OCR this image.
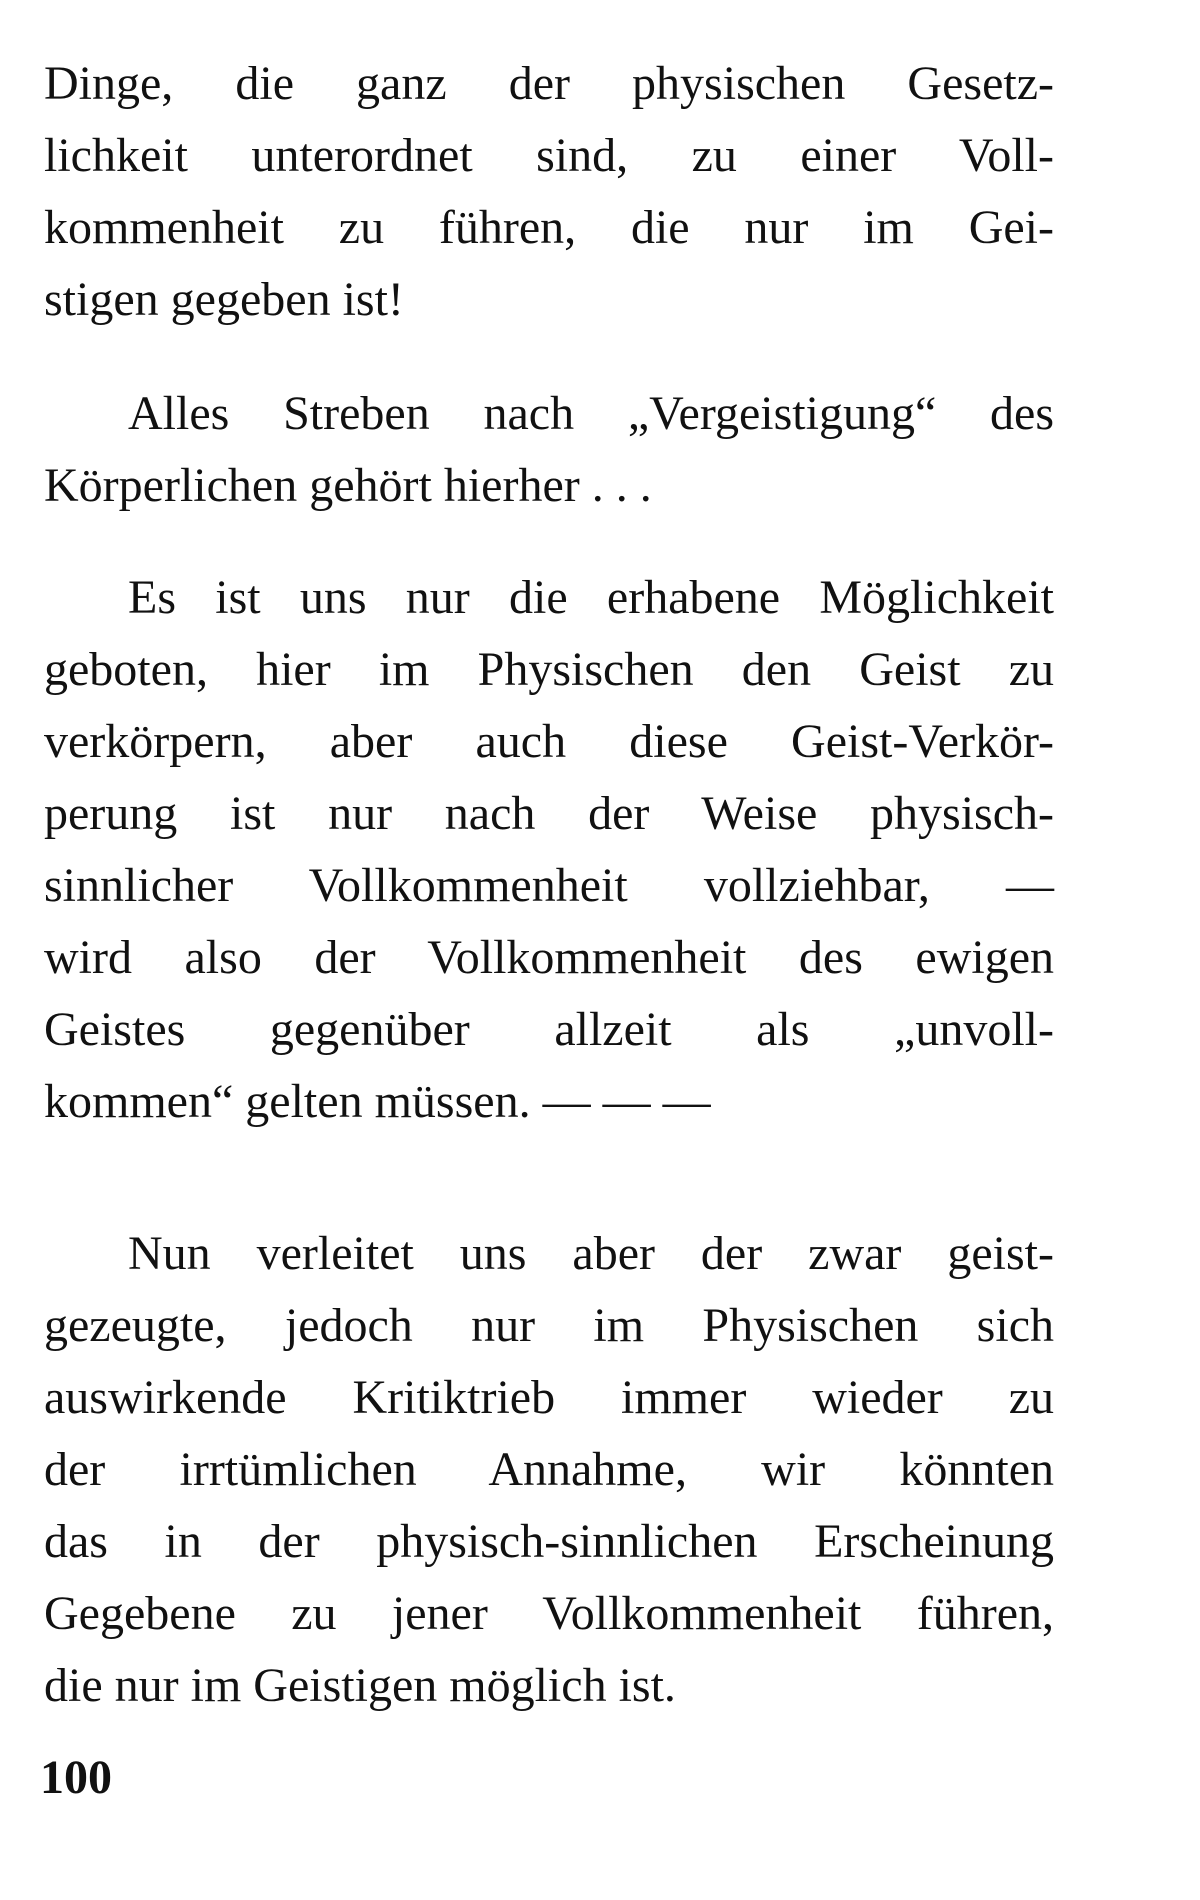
Dinge, die ganz der physischen Gesetz-
lichkeit unterordnet sind, zu einer Voll-
kommenheit zu führen, die nur im Gei-
stigen gegeben ist!
Alles Streben nach „Vergeistigung“ des
Körperlichen gehört hierher . . .
Es ist uns nur die erhabene Möglichkeit
geboten, hier im Physischen den Geist zu
verkörpern, aber auch diese Geist-Verkör-
perung ist nur nach der Weise physisch-
sinnlicher Vollkommenheit vollziehbar, —
wird also der Vollkommenheit des ewigen
Geistes gegenüber allzeit als „unvoll-
kommen“ gelten müssen. — — —
Nun verleitet uns aber der zwar geist-
gezeugte, jedoch nur im Physischen sich
auswirkende Kritiktrieb immer wieder zu
der irrtümlichen Annahme, wir könnten
das in der physisch-sinnlichen Erscheinung
Gegebene zu jener Vollkommenheit führen,
die nur im Geistigen möglich ist.
100
